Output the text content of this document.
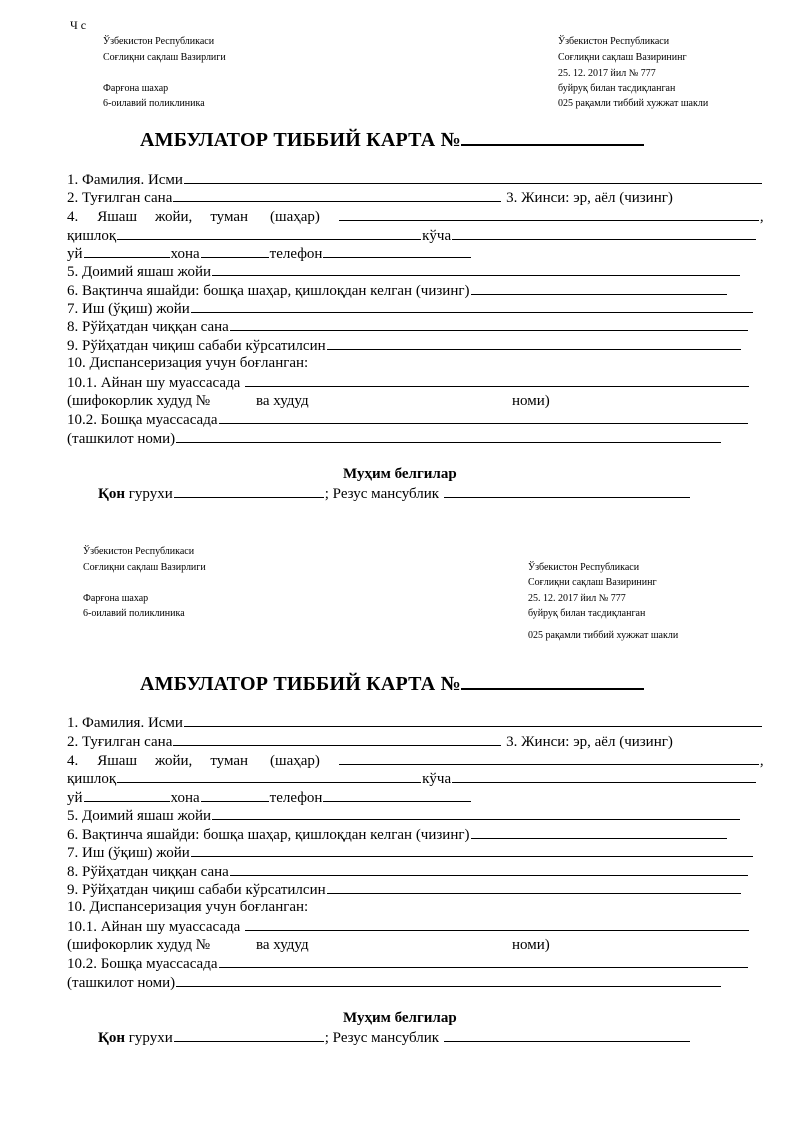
Ч с
Ўзбекистон Республикаси
Соғлиқни сақлаш Вазирлиги
Фарғона шахар
6-оилавий поликлиника
Ўзбекистон Республикаси
Соғлиқни сақлаш Вазирининг
25. 12. 2017 йил № 777
буйруқ билан тасдиқланган
025 рақамли тиббий хужжат шакли
АМБУЛАТОР ТИББИЙ КАРТА №
1. Фамилия. Исми
2. Туғилган сана	3. Жинси: эр, аёл (чизинг)
4. Яшаш жойи, туман (шаҳар)	,
қишлоқ	кўча
уй	хона	телефон
5. Доимий яшаш жойи
6. Вақтинча яшайди: бошқа шаҳар, қишлоқдан келган (чизинг)
7. Иш (ўқиш) жойи
8. Рўйҳатдан чиққан сана
9. Рўйҳатдан чиқиш сабаби кўрсатилсин
10. Диспансеризация учун боғланган:
10.1. Айнан шу муассасада
(шифокорлик худуд №	ва худуд	номи)
10.2. Бошқа муассасада
(ташкилот номи)
Муҳим белгилар
Қон гурухи	; Резус мансублик
Ўзбекистон Республикаси
Соғлиқни сақлаш Вазирлиги
Фарғона шахар
6-оилавий поликлиника
Ўзбекистон Республикаси
Соғлиқни сақлаш Вазирининг
25. 12. 2017 йил № 777
буйруқ билан тасдиқланган
025 рақамли тиббий хужжат шакли
АМБУЛАТОР ТИББИЙ КАРТА №
1. Фамилия. Исми
2. Туғилган сана	3. Жинси: эр, аёл (чизинг)
4. Яшаш жойи, туман (шаҳар)	,
қишлоқ	кўча
уй	хона	телефон
5. Доимий яшаш жойи
6. Вақтинча яшайди: бошқа шаҳар, қишлоқдан келган (чизинг)
7. Иш (ўқиш) жойи
8. Рўйҳатдан чиққан сана
9. Рўйҳатдан чиқиш сабаби кўрсатилсин
10. Диспансеризация учун боғланган:
10.1. Айнан шу муассасада
(шифокорлик худуд №	ва худуд	номи)
10.2. Бошқа муассасада
(ташкилот номи)
Муҳим белгилар
Қон гурухи	; Резус мансублик
